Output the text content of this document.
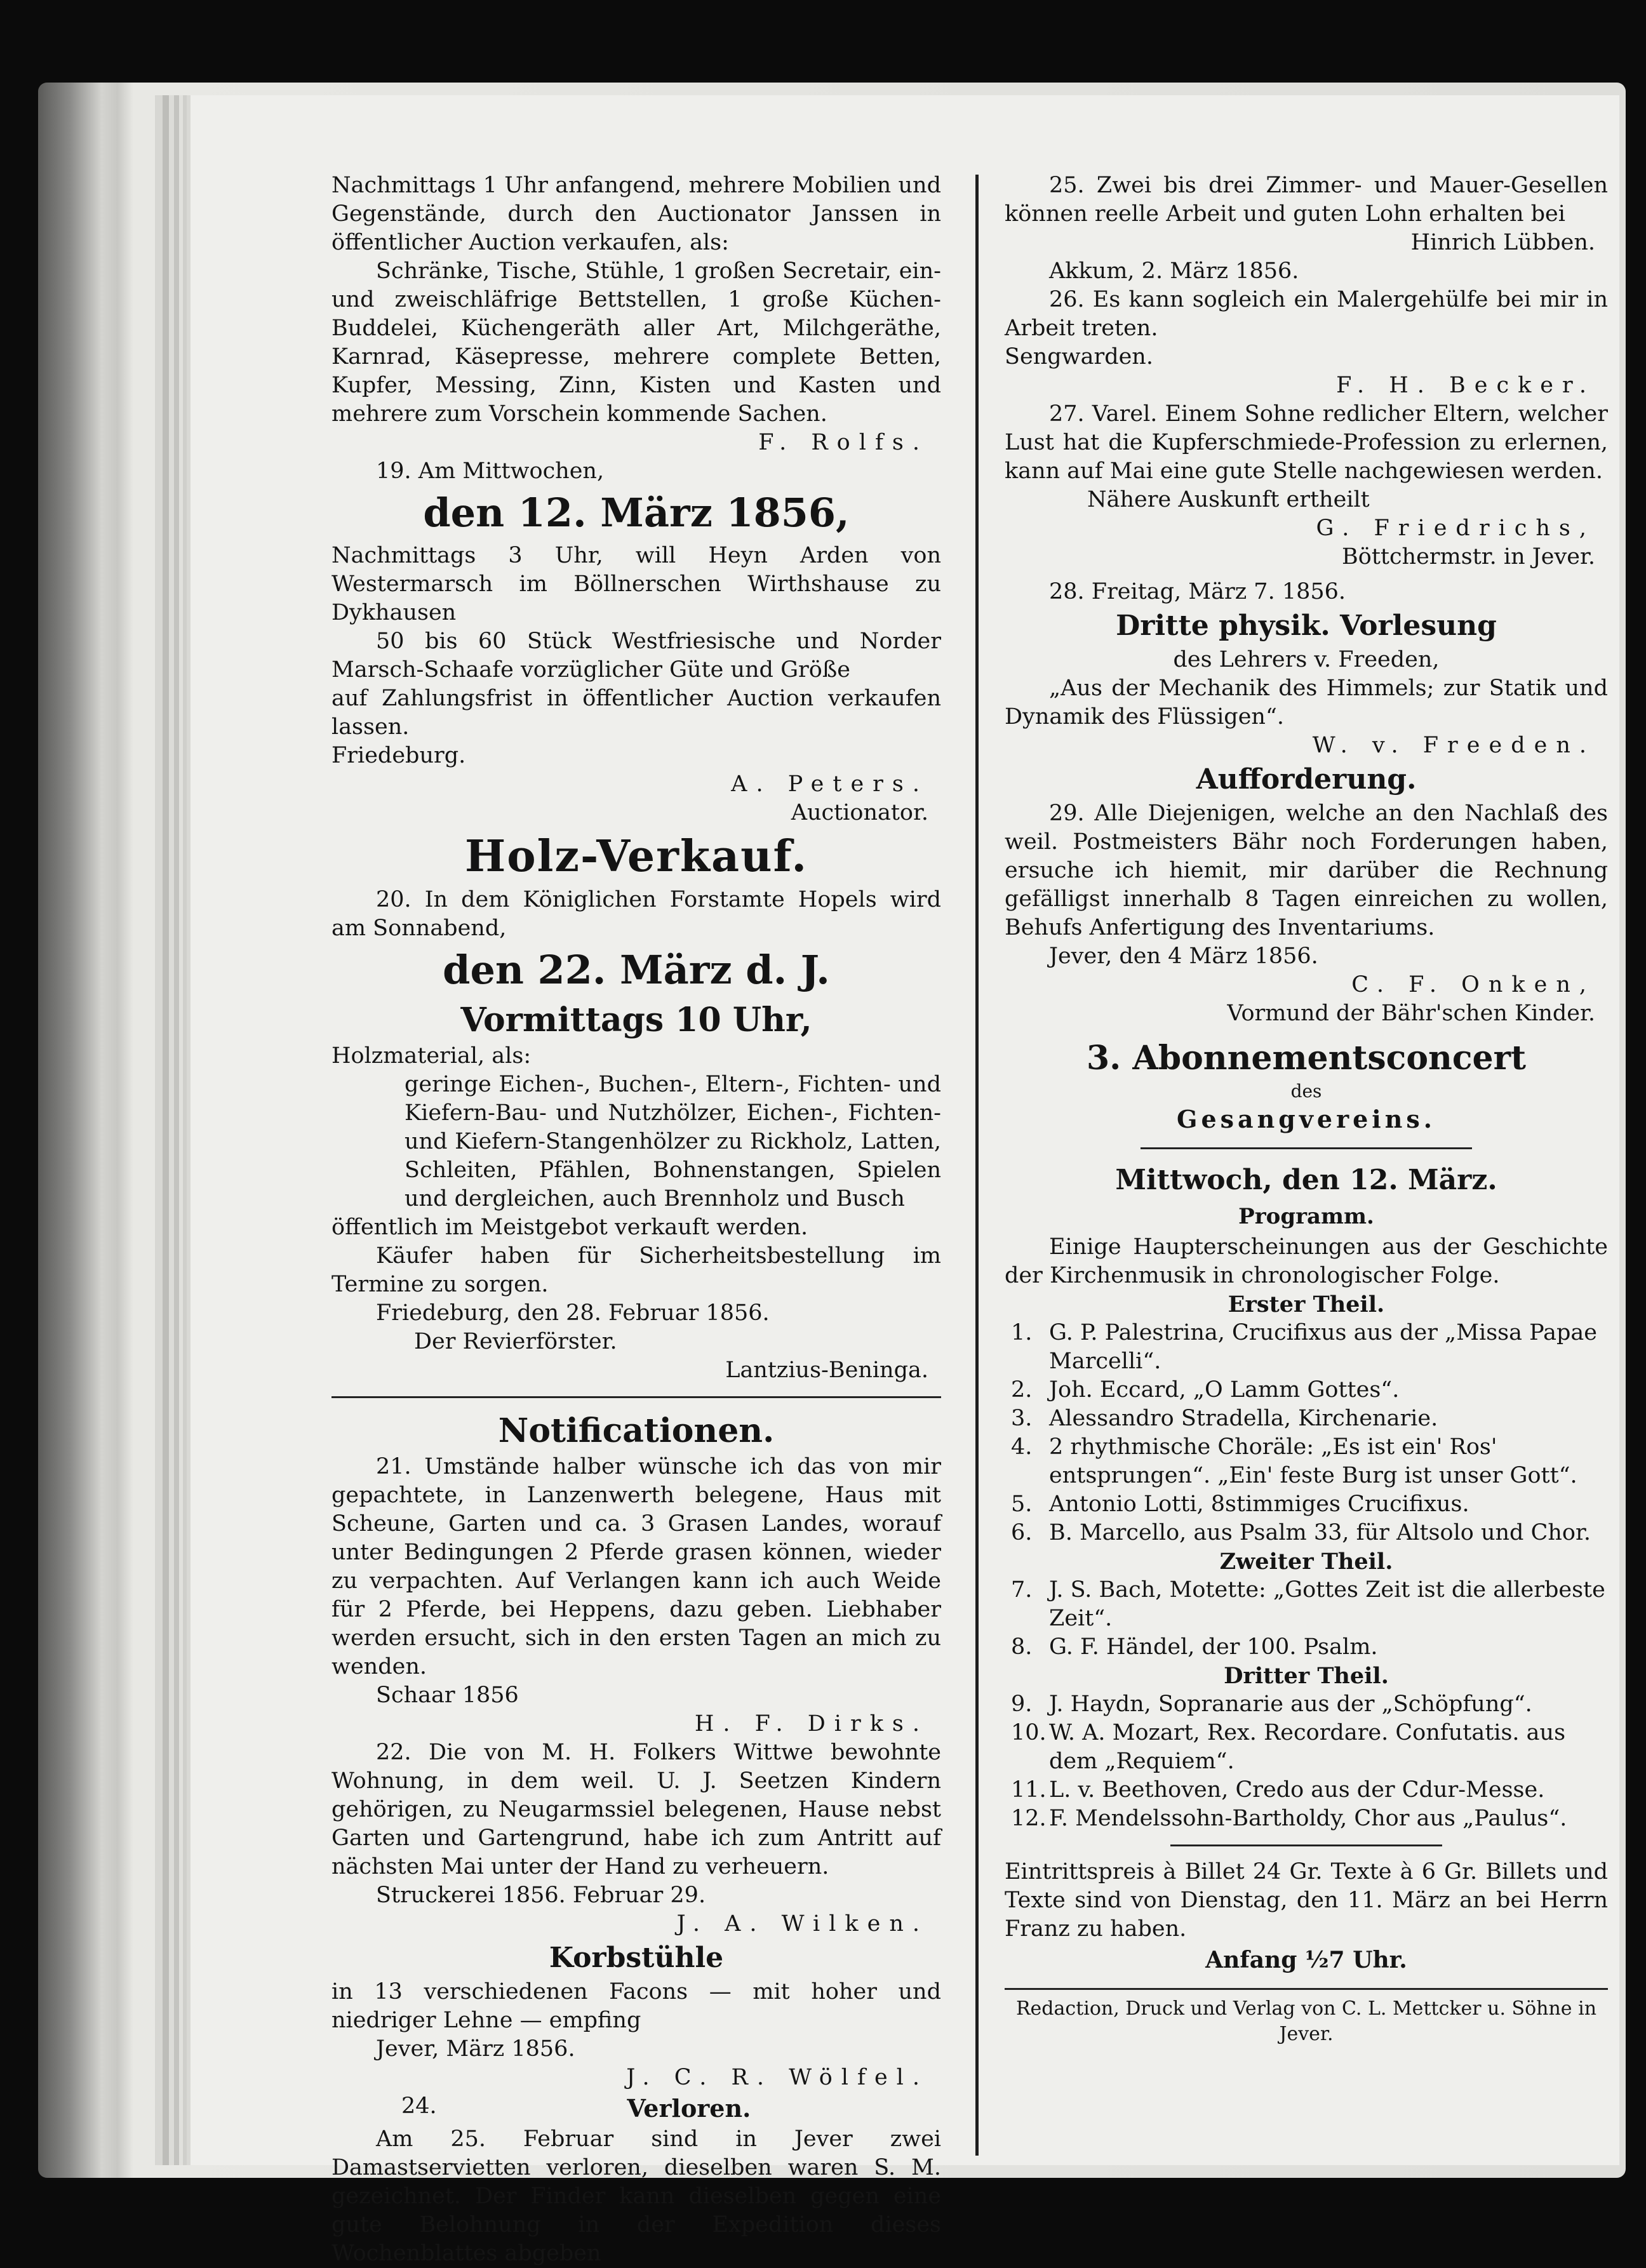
Nachmittags 1 Uhr anfangend, mehrere Mobilien und Gegenstände, durch den Auctionator Janssen in öffentlicher Auction verkaufen, als:

Schränke, Tische, Stühle, 1 großen Secretair, ein- und zweischläfrige Bettstellen, 1 große Küchen-Buddelei, Küchengeräth aller Art, Milchgeräthe, Karnrad, Käsepresse, mehrere complete Betten, Kupfer, Messing, Zinn, Kisten und Kasten und mehrere zum Vorschein kommende Sachen.

F. Rolfs.

19. Am Mittwochen,

den 12. März 1856,

Nachmittags 3 Uhr, will Heyn Arden von Westermarsch im Böllnerschen Wirthshause zu Dykhausen

50 bis 60 Stück Westfriesische und Norder Marsch-Schaafe vorzüglicher Güte und Größe

auf Zahlungsfrist in öffentlicher Auction verkaufen lassen.

Friedeburg.

A. Peters.

Auctionator.

Holz-Verkauf.

20. In dem Königlichen Forstamte Hopels wird am Sonnabend,

den 22. März d. J.

Vormittags 10 Uhr,

Holzmaterial, als:

geringe Eichen-, Buchen-, Eltern-, Fichten- und Kiefern-Bau- und Nutzhölzer, Eichen-, Fichten- und Kiefern-Stangenhölzer zu Rickholz, Latten, Schleiten, Pfählen, Bohnenstangen, Spielen und dergleichen, auch Brennholz und Busch

öffentlich im Meistgebot verkauft werden.

Käufer haben für Sicherheitsbestellung im Termine zu sorgen.

Friedeburg, den 28. Februar 1856.

Der Revierförster.

Lantzius-Beninga.

Notificationen.

21. Umstände halber wünsche ich das von mir gepachtete, in Lanzenwerth belegene, Haus mit Scheune, Garten und ca. 3 Grasen Landes, worauf unter Bedingungen 2 Pferde grasen können, wieder zu verpachten. Auf Verlangen kann ich auch Weide für 2 Pferde, bei Heppens, dazu geben. Liebhaber werden ersucht, sich in den ersten Tagen an mich zu wenden.

Schaar 1856

H. F. Dirks.

22. Die von M. H. Folkers Wittwe bewohnte Wohnung, in dem weil. U. J. Seetzen Kindern gehörigen, zu Neugarmssiel belegenen, Hause nebst Garten und Gartengrund, habe ich zum Antritt auf nächsten Mai unter der Hand zu verheuern.

Struckerei 1856. Februar 29.

J. A. Wilken.

Korbstühle

in 13 verschiedenen Facons — mit hoher und niedriger Lehne — empfing

Jever, März 1856.

J. C. R. Wölfel.

24.	Verloren.

Am 25. Februar sind in Jever zwei Damastservietten verloren, dieselben waren S. M. gezeichnet. Der Finder kann dieselben gegen eine gute Belohnung in der Expedition dieses Wochenblattes abgeben

25. Zwei bis drei Zimmer- und Mauer-Gesellen können reelle Arbeit und guten Lohn erhalten bei

Hinrich Lübben.

Akkum, 2. März 1856.

26. Es kann sogleich ein Malergehülfe bei mir in Arbeit treten.

Sengwarden.

F. H. Becker.

27. Varel. Einem Sohne redlicher Eltern, welcher Lust hat die Kupferschmiede-Profession zu erlernen, kann auf Mai eine gute Stelle nachgewiesen werden.

Nähere Auskunft ertheilt

G. Friedrichs,

Böttchermstr. in Jever.

28. Freitag, März 7. 1856.

Dritte physik. Vorlesung

des Lehrers v. Freeden,

„Aus der Mechanik des Himmels; zur Statik und Dynamik des Flüssigen“.

W. v. Freeden.

Aufforderung.

29. Alle Diejenigen, welche an den Nachlaß des weil. Postmeisters Bähr noch Forderungen haben, ersuche ich hiemit, mir darüber die Rechnung gefälligst innerhalb 8 Tagen einreichen zu wollen, Behufs Anfertigung des Inventariums.

Jever, den 4 März 1856.

C. F. Onken,

Vormund der Bähr'schen Kinder.

3. Abonnementsconcert

des

Gesangvereins.

Mittwoch, den 12. März.

Programm.

Einige Haupterscheinungen aus der Geschichte der Kirchenmusik in chronologischer Folge.

Erster Theil.

1. G. P. Palestrina, Crucifixus aus der „Missa Papae Marcelli“.

2. Joh. Eccard, „O Lamm Gottes“.

3. Alessandro Stradella, Kirchenarie.

4. 2 rhythmische Choräle: „Es ist ein' Ros' entsprungen“. „Ein' feste Burg ist unser Gott“.

5. Antonio Lotti, 8stimmiges Crucifixus.

6. B. Marcello, aus Psalm 33, für Altsolo und Chor.

Zweiter Theil.

7. J. S. Bach, Motette: „Gottes Zeit ist die allerbeste Zeit“.

8. G. F. Händel, der 100. Psalm.

Dritter Theil.

9. J. Haydn, Sopranarie aus der „Schöpfung“.

10. W. A. Mozart, Rex. Recordare. Confutatis. aus dem „Requiem“.

11. L. v. Beethoven, Credo aus der Cdur-Messe.

12. F. Mendelssohn-Bartholdy, Chor aus „Paulus“.

Eintrittspreis à Billet 24 Gr. Texte à 6 Gr. Billets und Texte sind von Dienstag, den 11. März an bei Herrn Franz zu haben.

Anfang ½7 Uhr.

Redaction, Druck und Verlag von C. L. Mettcker u. Söhne in Jever.
